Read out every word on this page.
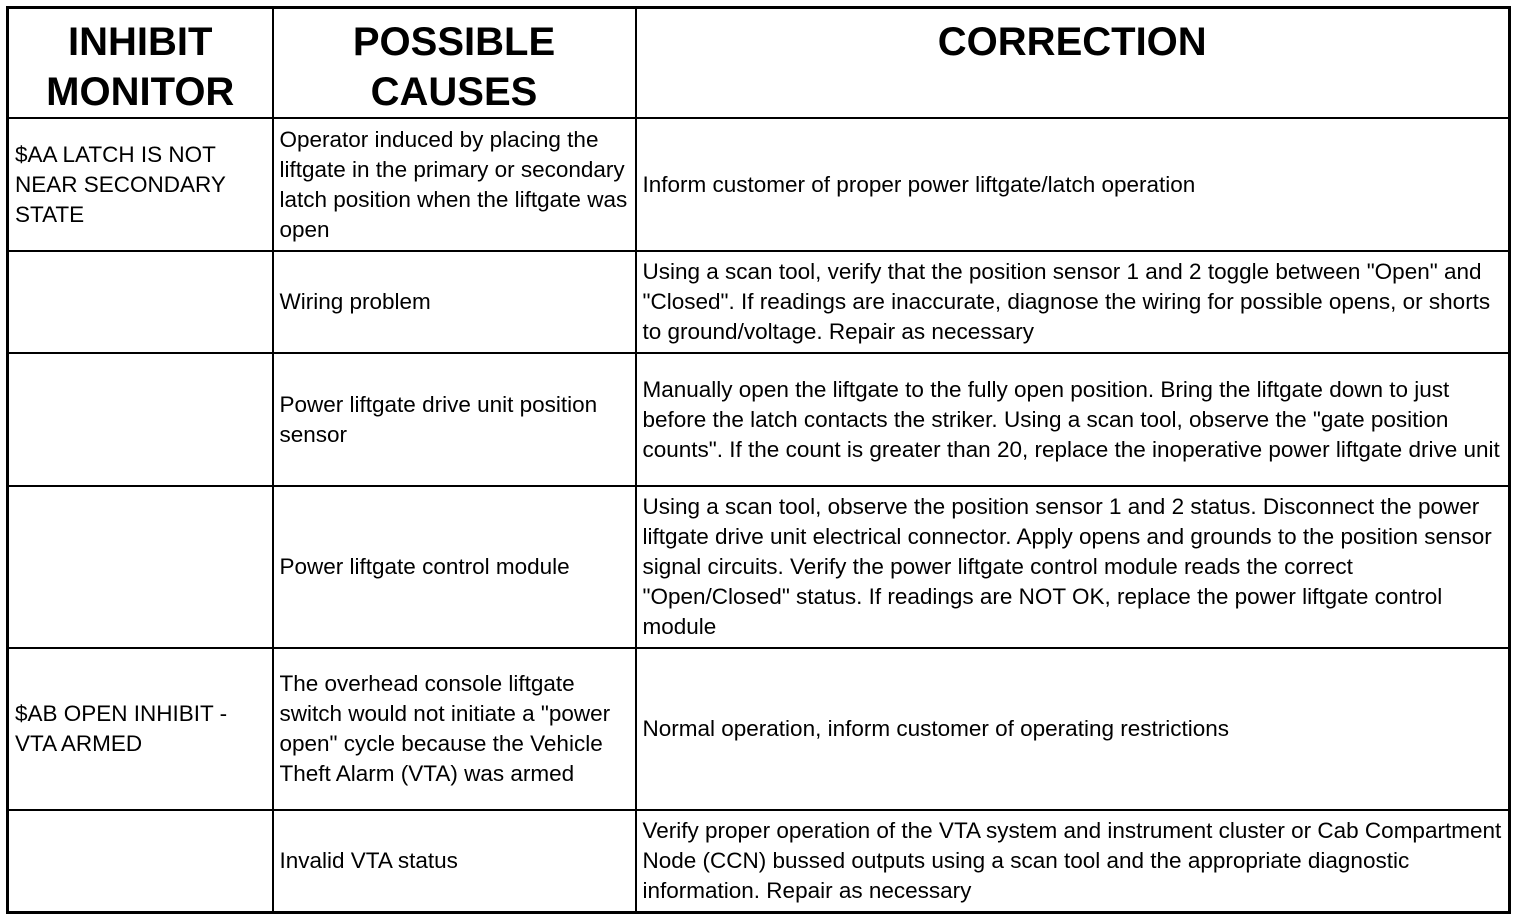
INHIBIT MONITOR	POSSIBLE CAUSES	CORRECTION
$AA LATCH IS NOT NEAR SECONDARY STATE	Operator induced by placing the liftgate in the primary or secondary latch position when the liftgate was open	Inform customer of proper power liftgate/latch operation
	Wiring problem	Using a scan tool, verify that the position sensor 1 and 2 toggle between "Open" and "Closed". If readings are inaccurate, diagnose the wiring for possible opens, or shorts to ground/voltage. Repair as necessary
	Power liftgate drive unit position sensor	Manually open the liftgate to the fully open position. Bring the liftgate down to just before the latch contacts the striker. Using a scan tool, observe the "gate position counts". If the count is greater than 20, replace the inoperative power liftgate drive unit
	Power liftgate control module	Using a scan tool, observe the position sensor 1 and 2 status. Disconnect the power liftgate drive unit electrical connector. Apply opens and grounds to the position sensor signal circuits. Verify the power liftgate control module reads the correct "Open/Closed" status. If readings are NOT OK, replace the power liftgate control module
$AB OPEN INHIBIT - VTA ARMED	The overhead console liftgate switch would not initiate a "power open" cycle because the Vehicle Theft Alarm (VTA) was armed	Normal operation, inform customer of operating restrictions
	Invalid VTA status	Verify proper operation of the VTA system and instrument cluster or Cab Compartment Node (CCN) bussed outputs using a scan tool and the appropriate diagnostic information. Repair as necessary
